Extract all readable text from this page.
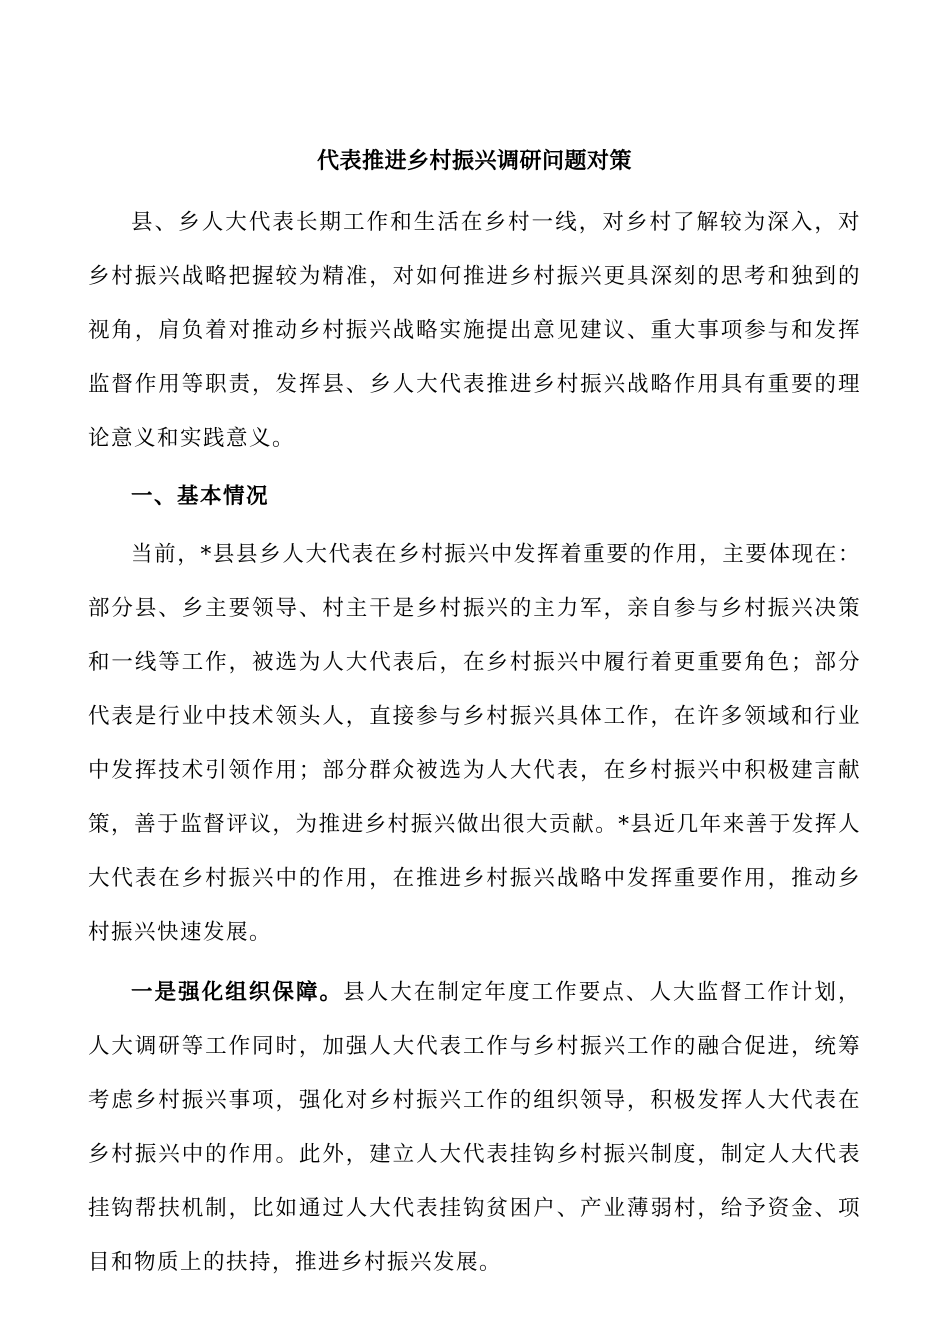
代表推进乡村振兴调研问题对策

县、乡人大代表长期工作和生活在乡村一线，对乡村了解较为深入，对乡村振兴战略把握较为精准，对如何推进乡村振兴更具深刻的思考和独到的视角，肩负着对推动乡村振兴战略实施提出意见建议、重大事项参与和发挥监督作用等职责，发挥县、乡人大代表推进乡村振兴战略作用具有重要的理论意义和实践意义。

一、基本情况

当前，*县县乡人大代表在乡村振兴中发挥着重要的作用，主要体现在：部分县、乡主要领导、村主干是乡村振兴的主力军，亲自参与乡村振兴决策和一线等工作，被选为人大代表后，在乡村振兴中履行着更重要角色；部分代表是行业中技术领头人，直接参与乡村振兴具体工作，在许多领域和行业中发挥技术引领作用；部分群众被选为人大代表，在乡村振兴中积极建言献策，善于监督评议，为推进乡村振兴做出很大贡献。*县近几年来善于发挥人大代表在乡村振兴中的作用，在推进乡村振兴战略中发挥重要作用，推动乡村振兴快速发展。

一是强化组织保障。县人大在制定年度工作要点、人大监督工作计划，人大调研等工作同时，加强人大代表工作与乡村振兴工作的融合促进，统筹考虑乡村振兴事项，强化对乡村振兴工作的组织领导，积极发挥人大代表在乡村振兴中的作用。此外，建立人大代表挂钩乡村振兴制度，制定人大代表挂钩帮扶机制，比如通过人大代表挂钩贫困户、产业薄弱村，给予资金、项目和物质上的扶持，推进乡村振兴发展。
